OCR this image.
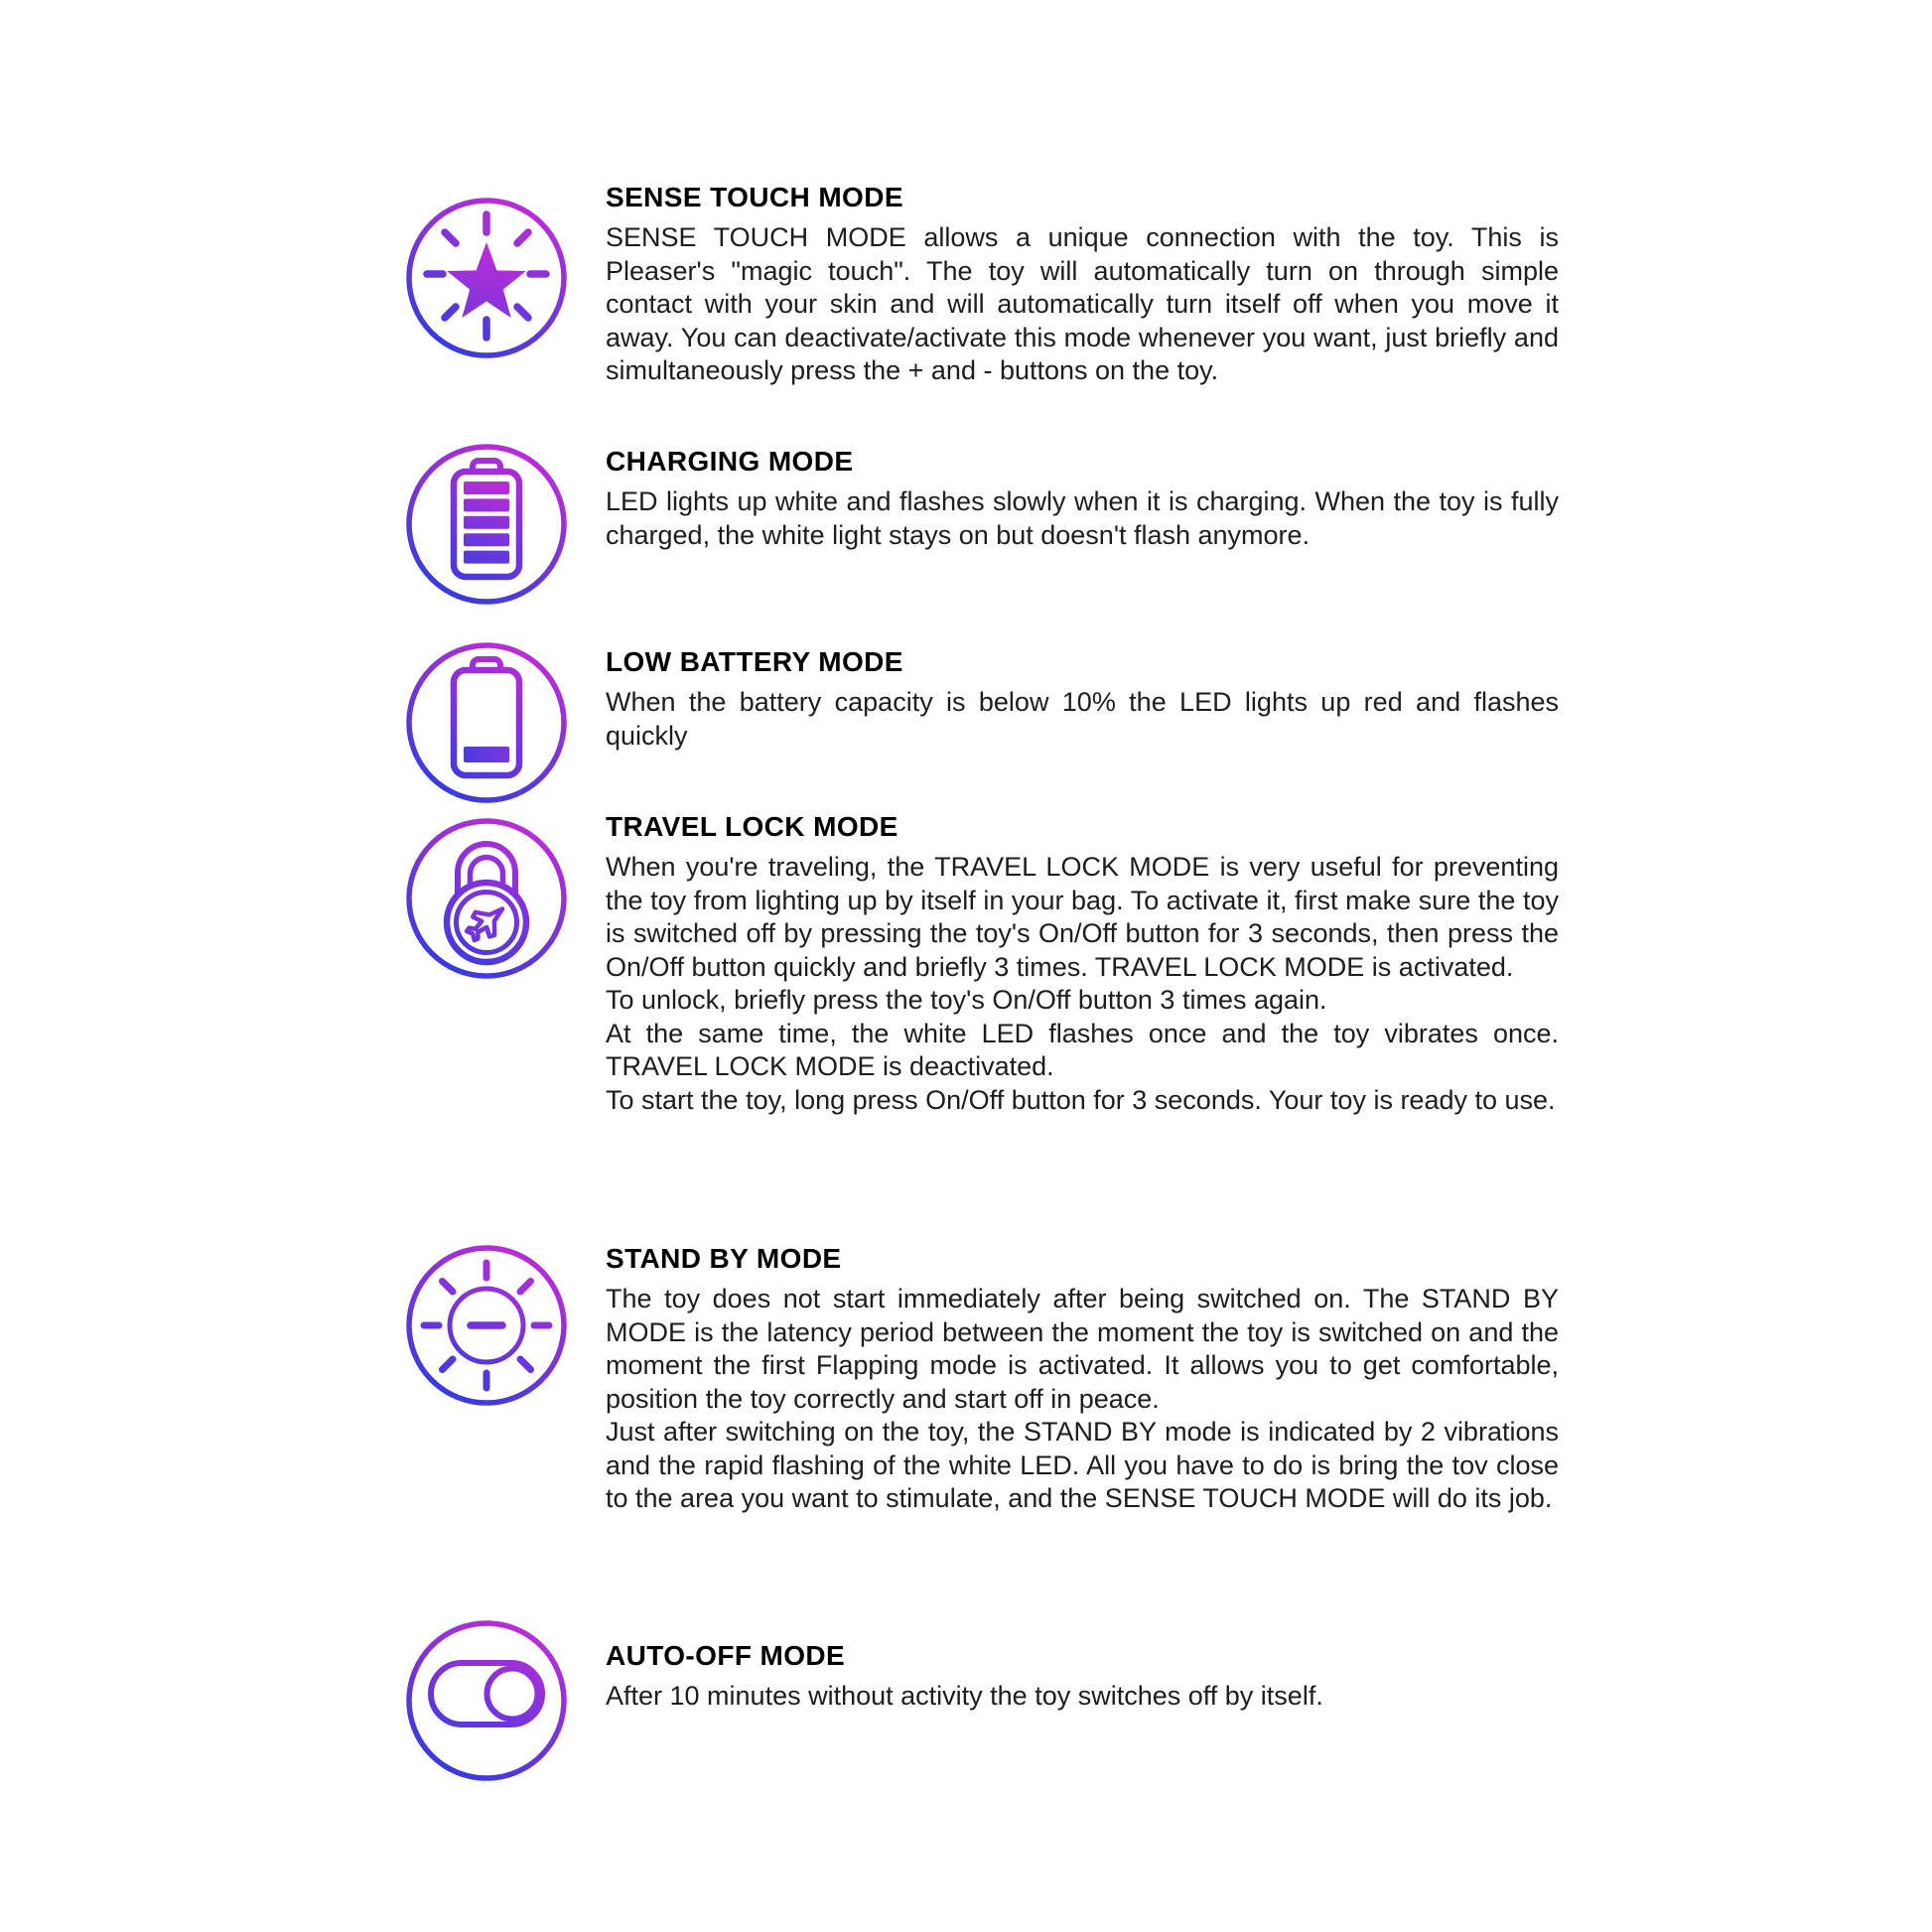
SENSE TOUCH MODE

SENSE TOUCH MODE allows a unique connection with the toy. This is Pleaser's "magic touch". The toy will automatically turn on through simple contact with your skin and will automatically turn itself off when you move it away. You can deactivate/activate this mode whenever you want, just briefly and simultaneously press the + and - buttons on the toy.

CHARGING MODE

LED lights up white and flashes slowly when it is charging. When the toy is fully charged, the white light stays on but doesn't flash anymore.

LOW BATTERY MODE

When the battery capacity is below 10% the LED lights up red and flashes quickly

TRAVEL LOCK MODE

When you're traveling, the TRAVEL LOCK MODE is very useful for preventing the toy from lighting up by itself in your bag. To activate it, first make sure the toy is switched off by pressing the toy's On/Off button for 3 seconds, then press the On/Off button quickly and briefly 3 times. TRAVEL LOCK MODE is activated.

To unlock, briefly press the toy's On/Off button 3 times again.

At the same time, the white LED flashes once and the toy vibrates once. TRAVEL LOCK MODE is deactivated.

To start the toy, long press On/Off button for 3 seconds. Your toy is ready to use.

STAND BY MODE

The toy does not start immediately after being switched on. The STAND BY MODE is the latency period between the moment the toy is switched on and the moment the first Flapping mode is activated. It allows you to get comfortable, position the toy correctly and start off in peace.

Just after switching on the toy, the STAND BY mode is indicated by 2 vibrations and the rapid flashing of the white LED. All you have to do is bring the tov close to the area you want to stimulate, and the SENSE TOUCH MODE will do its job.

AUTO-OFF MODE

After 10 minutes without activity the toy switches off by itself.
